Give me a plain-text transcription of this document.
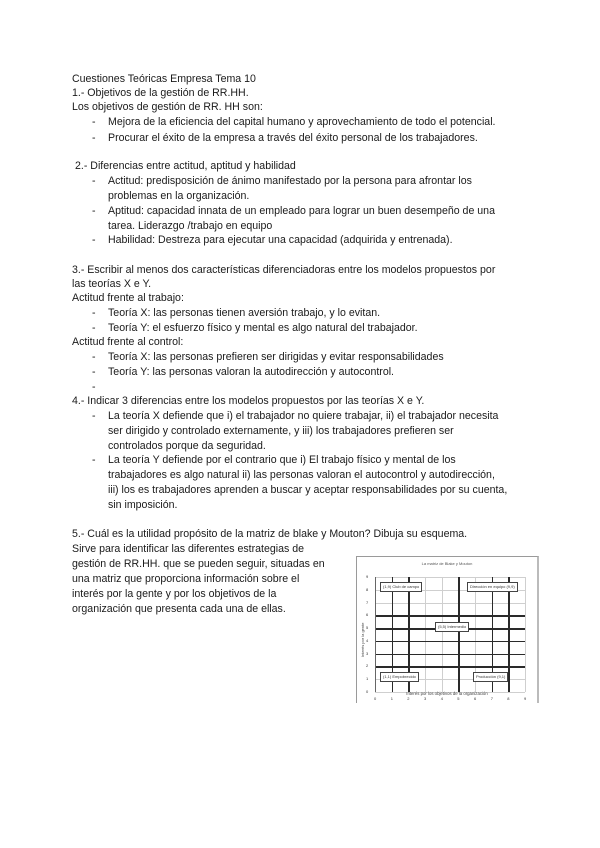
Cuestiones Teóricas Empresa Tema 10
1.- Objetivos de la gestión de RR.HH.
Los objetivos de gestión de RR. HH son:
- Mejora de la eficiencia del capital humano y aprovechamiento de todo el potencial.
- Procurar el éxito de la empresa a través del éxito personal de los trabajadores.
2.- Diferencias entre actitud, aptitud y habilidad
- Actitud: predisposición de ánimo manifestado por la persona para afrontar los
problemas en la organización.
- Aptitud: capacidad innata de un empleado para lograr un buen desempeño de una
tarea. Liderazgo /trabajo en equipo
- Habilidad: Destreza para ejecutar una capacidad (adquirida y entrenada).
3.- Escribir al menos dos características diferenciadoras entre los modelos propuestos por
las teorías X e Y.
Actitud frente al trabajo:
- Teoría X: las personas tienen aversión trabajo, y lo evitan.
- Teoría Y: el esfuerzo físico y mental es algo natural del trabajador.
Actitud frente al control:
- Teoría X: las personas prefieren ser dirigidas y evitar responsabilidades
- Teoría Y: las personas valoran la autodirección y autocontrol.
-
4.- Indicar 3 diferencias entre los modelos propuestos por las teorías X e Y.
- La teoría X defiende que i) el trabajador no quiere trabajar, ii) el trabajador necesita
ser dirigido y controlado externamente, y iii) los trabajadores prefieren ser
controlados porque da seguridad.
- La teoría Y defiende por el contrario que i) El trabajo físico y mental de los
trabajadores es algo natural ii) las personas valoran el autocontrol y autodirección,
iii) los es trabajadores aprenden a buscar y aceptar responsabilidades por su cuenta,
sin imposición.
5.- Cuál es la utilidad propósito de la matriz de blake y Mouton? Dibuja su esquema.
Sirve para identificar las diferentes estrategias de
gestión de RR.HH. que se pueden seguir, situadas en
una matriz que proporciona información sobre el
interés por la gente y por los objetivos de la
organización que presenta cada una de ellas.
La matriz de Blake y Mouton
9
8
7
6
5
4
3
2
1
0
0	1	2	3	4	5	6	7	8	9
(1,9) Club de campo	Dirección en equipo (9,9)
(5,5) Intermedio
(1,1) Empobrecido	Producción (9,1)
Interés por la gente
Interés por los objetivos de la organización
